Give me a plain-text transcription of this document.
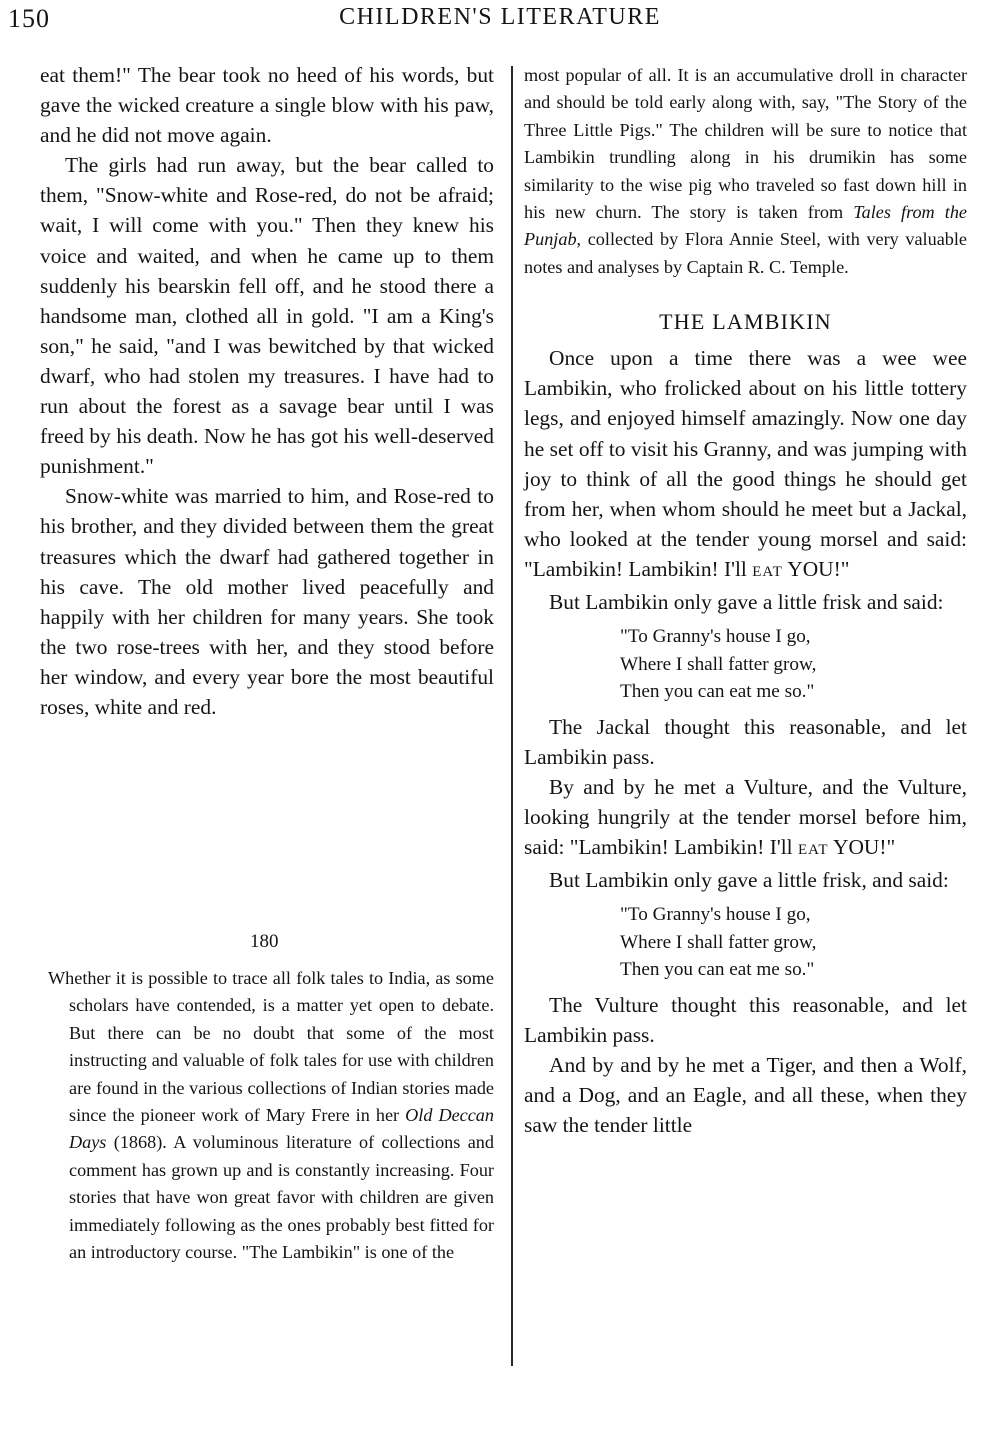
150	CHILDREN'S LITERATURE

eat them!" The bear took no heed of his words, but gave the wicked creature a single blow with his paw, and he did not move again.

The girls had run away, but the bear called to them, "Snow-white and Rose-red, do not be afraid; wait, I will come with you." Then they knew his voice and waited, and when he came up to them suddenly his bearskin fell off, and he stood there a handsome man, clothed all in gold. "I am a King's son," he said, "and I was bewitched by that wicked dwarf, who had stolen my treasures. I have had to run about the forest as a savage bear until I was freed by his death. Now he has got his well-deserved punishment."

Snow-white was married to him, and Rose-red to his brother, and they divided between them the great treasures which the dwarf had gathered together in his cave. The old mother lived peacefully and happily with her children for many years. She took the two rose-trees with her, and they stood before her window, and every year bore the most beautiful roses, white and red.

180

Whether it is possible to trace all folk tales to India, as some scholars have contended, is a matter yet open to debate. But there can be no doubt that some of the most instructing and valuable of folk tales for use with children are found in the various collections of Indian stories made since the pioneer work of Mary Frere in her Old Deccan Days (1868). A voluminous literature of collections and comment has grown up and is constantly increasing. Four stories that have won great favor with children are given immediately following as the ones probably best fitted for an introductory course. "The Lambikin" is one of the

most popular of all. It is an accumulative droll in character and should be told early along with, say, "The Story of the Three Little Pigs." The children will be sure to notice that Lambikin trundling along in his drumikin has some similarity to the wise pig who traveled so fast down hill in his new churn. The story is taken from Tales from the Punjab, collected by Flora Annie Steel, with very valuable notes and analyses by Captain R. C. Temple.

THE LAMBIKIN

Once upon a time there was a wee wee Lambikin, who frolicked about on his little tottery legs, and enjoyed himself amazingly. Now one day he set off to visit his Granny, and was jumping with joy to think of all the good things he should get from her, when whom should he meet but a Jackal, who looked at the tender young morsel and said: "Lambikin! Lambikin! I'll EAT YOU!"

But Lambikin only gave a little frisk and said:

"To Granny's house I go,
Where I shall fatter grow,
Then you can eat me so."

The Jackal thought this reasonable, and let Lambikin pass.

By and by he met a Vulture, and the Vulture, looking hungrily at the tender morsel before him, said: "Lambikin! Lambikin! I'll EAT YOU!"

But Lambikin only gave a little frisk, and said:

"To Granny's house I go,
Where I shall fatter grow,
Then you can eat me so."

The Vulture thought this reasonable, and let Lambikin pass.

And by and by he met a Tiger, and then a Wolf, and a Dog, and an Eagle, and all these, when they saw the tender little
